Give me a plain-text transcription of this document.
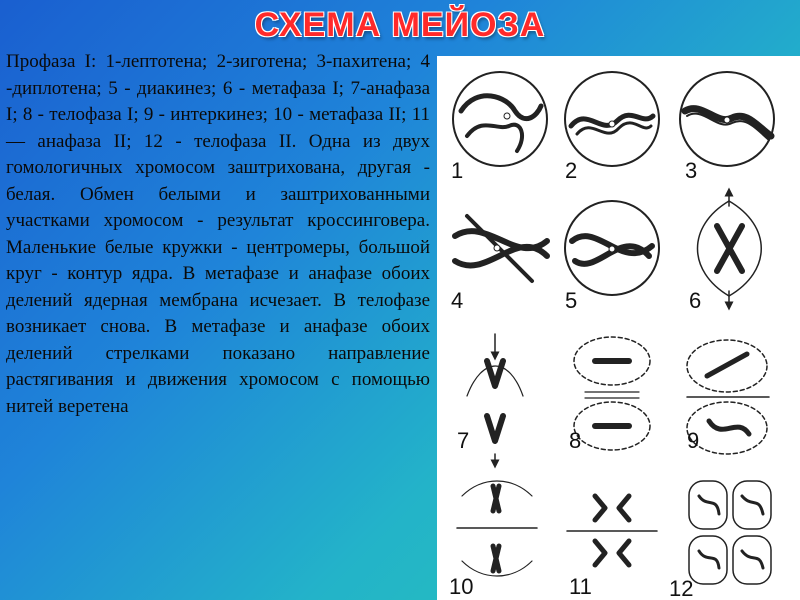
СХЕМА МЕЙОЗА

Профаза I: 1-лептотена; 2-зиготена; 3-пахитена; 4 -диплотена; 5 - диакинез; 6 - метафаза I; 7-анафаза I; 8 - телофаза I; 9 - интеркинез; 10 - метафаза II; 11 — анафаза II; 12 - телофаза II. Одна из двух гомологичных хромосом заштрихована, другая - белая. Обмен белыми и заштрихованными участками хромосом - результат кроссинговера. Маленькие белые кружки - центромеры, большой круг - контур ядра. В метафазе и анафазе обоих делений ядерная мембрана исчезает. В телофазе возникает снова. В метафазе и анафазе обоих делений стрелками показано направление растягивания и движения хромосом с помощью нитей веретена

1	2	3
4	5	6
7	8	9
10	11	12
